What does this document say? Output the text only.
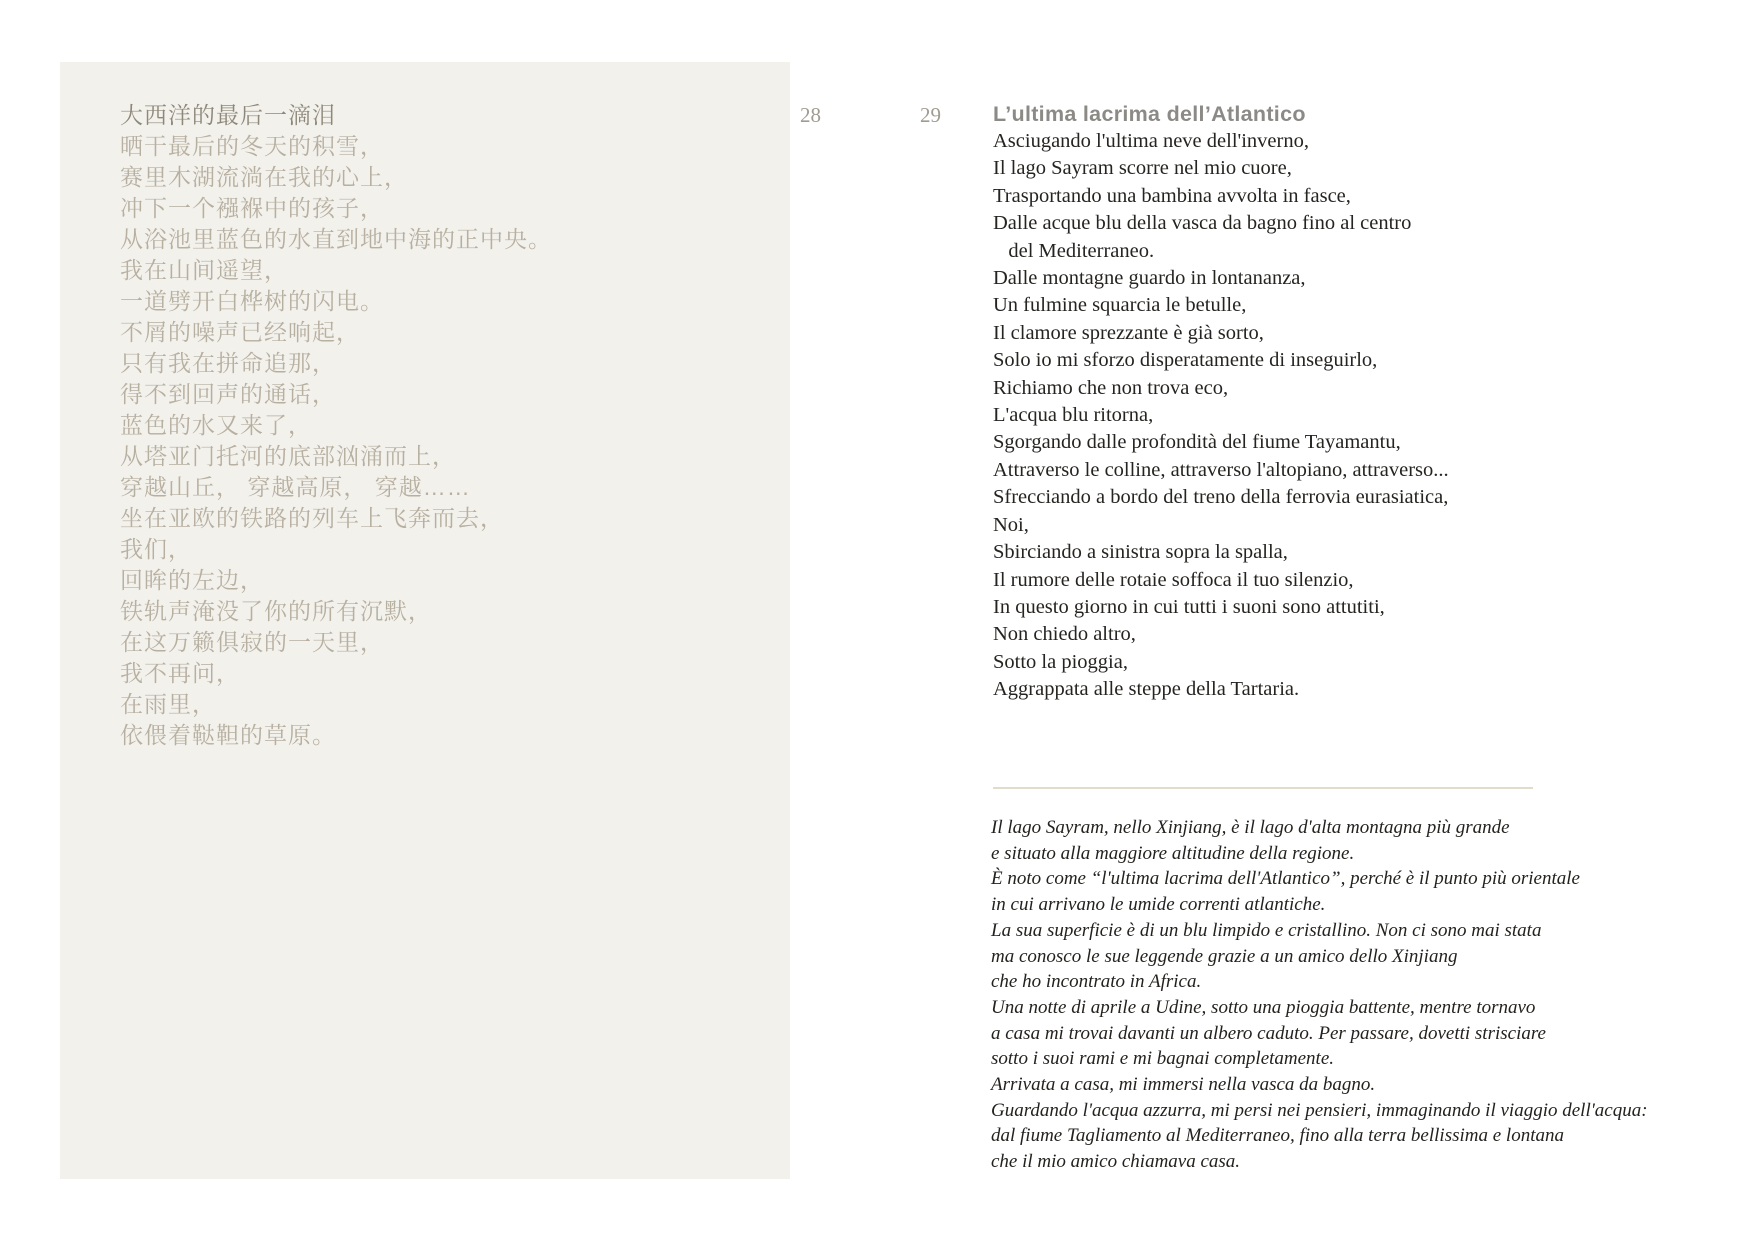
大西洋的最后一滴泪
晒干最后的冬天的积雪，
赛里木湖流淌在我的心上，
冲下一个襁褓中的孩子，
从浴池里蓝色的水直到地中海的正中央。
我在山间遥望，
一道劈开白桦树的闪电。
不屑的噪声已经响起，
只有我在拼命追那，
得不到回声的通话，
蓝色的水又来了，
从塔亚门托河的底部汹涌而上，
穿越山丘， 穿越高原， 穿越……
坐在亚欧的铁路的列车上飞奔而去，
我们，
回眸的左边，
铁轨声淹没了你的所有沉默，
在这万籁俱寂的一天里，
我不再问，
在雨里，
依偎着鞑靼的草原。
28	29 L’ultima lacrima dell’Atlantico
Asciugando l'ultima neve dell'inverno,
Il lago Sayram scorre nel mio cuore,
Trasportando una bambina avvolta in fasce,
Dalle acque blu della vasca da bagno fino al centro
del Mediterraneo.
Dalle montagne guardo in lontananza,
Un fulmine squarcia le betulle,
Il clamore sprezzante è già sorto,
Solo io mi sforzo disperatamente di inseguirlo,
Richiamo che non trova eco,
L'acqua blu ritorna,
Sgorgando dalle profondità del fiume Tayamantu,
Attraverso le colline, attraverso l'altopiano, attraverso...
Sfrecciando a bordo del treno della ferrovia eurasiatica,
Noi,
Sbirciando a sinistra sopra la spalla,
Il rumore delle rotaie soffoca il tuo silenzio,
In questo giorno in cui tutti i suoni sono attutiti,
Non chiedo altro,
Sotto la pioggia,
Aggrappata alle steppe della Tartaria.
Il lago Sayram, nello Xinjiang, è il lago d'alta montagna più grande
e situato alla maggiore altitudine della regione.
È noto come “l'ultima lacrima dell'Atlantico”, perché è il punto più orientale
in cui arrivano le umide correnti atlantiche.
La sua superficie è di un blu limpido e cristallino. Non ci sono mai stata
ma conosco le sue leggende grazie a un amico dello Xinjiang
che ho incontrato in Africa.
Una notte di aprile a Udine, sotto una pioggia battente, mentre tornavo
a casa mi trovai davanti un albero caduto. Per passare, dovetti strisciare
sotto i suoi rami e mi bagnai completamente.
Arrivata a casa, mi immersi nella vasca da bagno.
Guardando l'acqua azzurra, mi persi nei pensieri, immaginando il viaggio dell'acqua:
dal fiume Tagliamento al Mediterraneo, fino alla terra bellissima e lontana
che il mio amico chiamava casa.
